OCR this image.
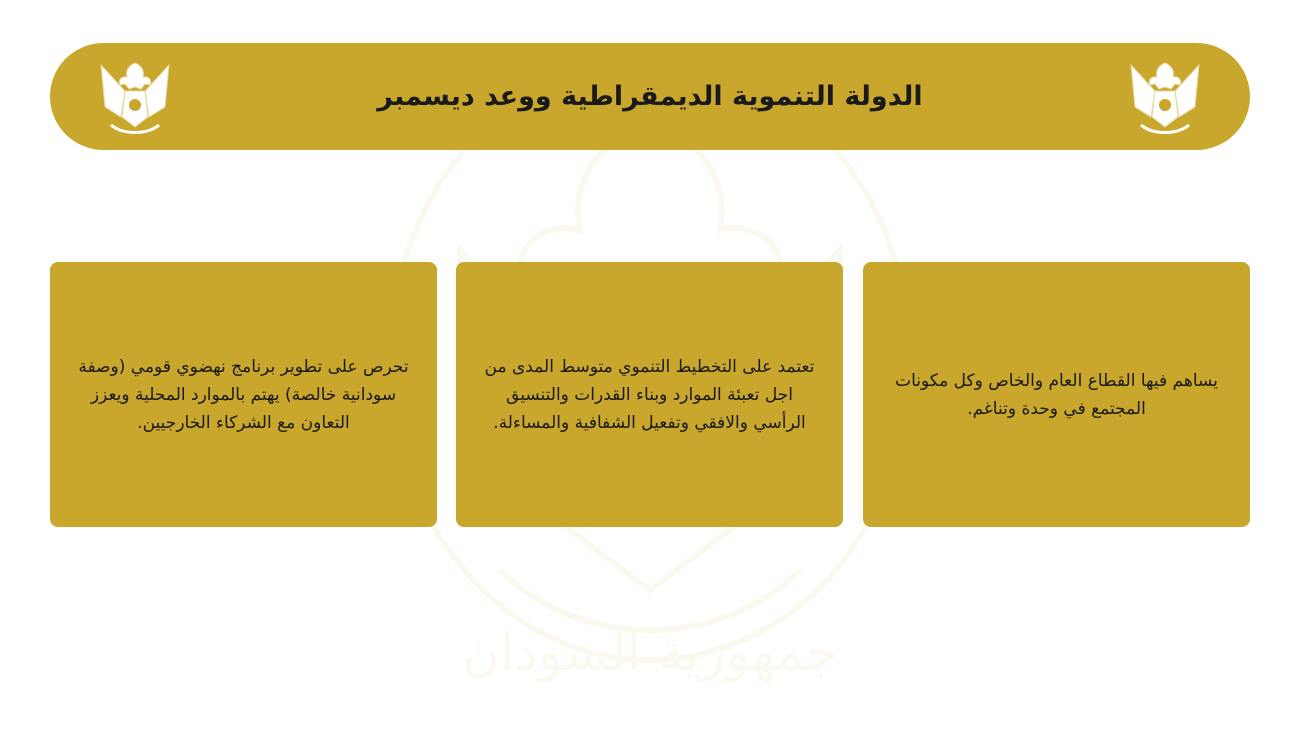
جمهورية السودان
الدولة التنموية الديمقراطية ووعد ديسمبر
يساهم فيها القطاع العام والخاص وكل مكونات المجتمع في وحدة وتناغم.
تعتمد على التخطيط التنموي متوسط المدى من اجل تعبئة الموارد وبناء القدرات والتنسيق الرأسي والافقي وتفعيل الشفافية والمساءلة.
تحرص على تطوير برنامج نهضوي قومي (وصفة سودانية خالصة) يهتم بالموارد المحلية ويعزز التعاون مع الشركاء الخارجيين.
